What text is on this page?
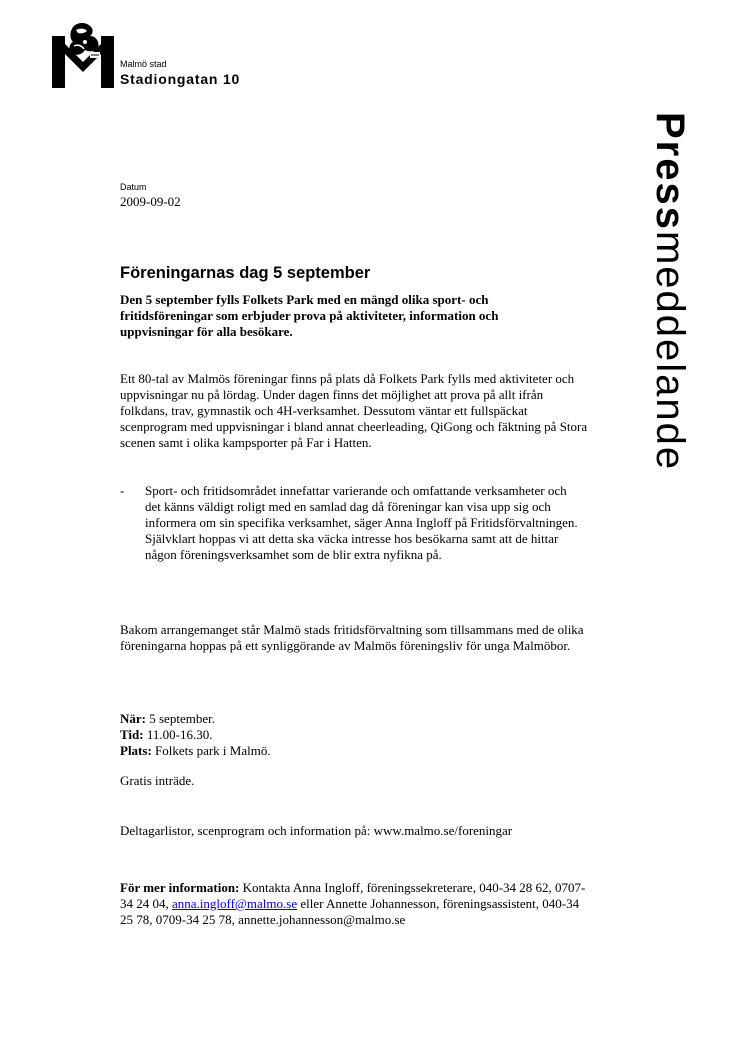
Malmö stad
Stadiongatan 10
Pressmeddelande
Datum
2009-09-02
Föreningarnas dag 5 september
Den 5 september fylls Folkets Park med en mängd olika sport- och fritidsföreningar som erbjuder prova på aktiviteter, information och uppvisningar för alla besökare.
Ett 80-tal av Malmös föreningar finns på plats då Folkets Park fylls med aktiviteter och uppvisningar nu på lördag. Under dagen finns det möjlighet att prova på allt ifrån folkdans, trav, gymnastik och 4H-verksamhet. Dessutom väntar ett fullspäckat scenprogram med uppvisningar i bland annat cheerleading, QiGong och fäktning på Stora scenen samt i olika kampsporter på Far i Hatten.
- Sport- och fritidsområdet innefattar varierande och omfattande verksamheter och det känns väldigt roligt med en samlad dag då föreningar kan visa upp sig och informera om sin specifika verksamhet, säger Anna Ingloff på Fritidsförvaltningen. Självklart hoppas vi att detta ska väcka intresse hos besökarna samt att de hittar någon föreningsverksamhet som de blir extra nyfikna på.
Bakom arrangemanget står Malmö stads fritidsförvaltning som tillsammans med de olika föreningarna hoppas på ett synliggörande av Malmös föreningsliv för unga Malmöbor.
När: 5 september.
Tid: 11.00-16.30.
Plats: Folkets park i Malmö.
Gratis inträde.
Deltagarlistor, scenprogram och information på: www.malmo.se/foreningar
För mer information: Kontakta Anna Ingloff, föreningssekreterare, 040-34 28 62, 0707-34 24 04, anna.ingloff@malmo.se eller Annette Johannesson, föreningsassistent, 040-34 25 78, 0709-34 25 78, annette.johannesson@malmo.se
